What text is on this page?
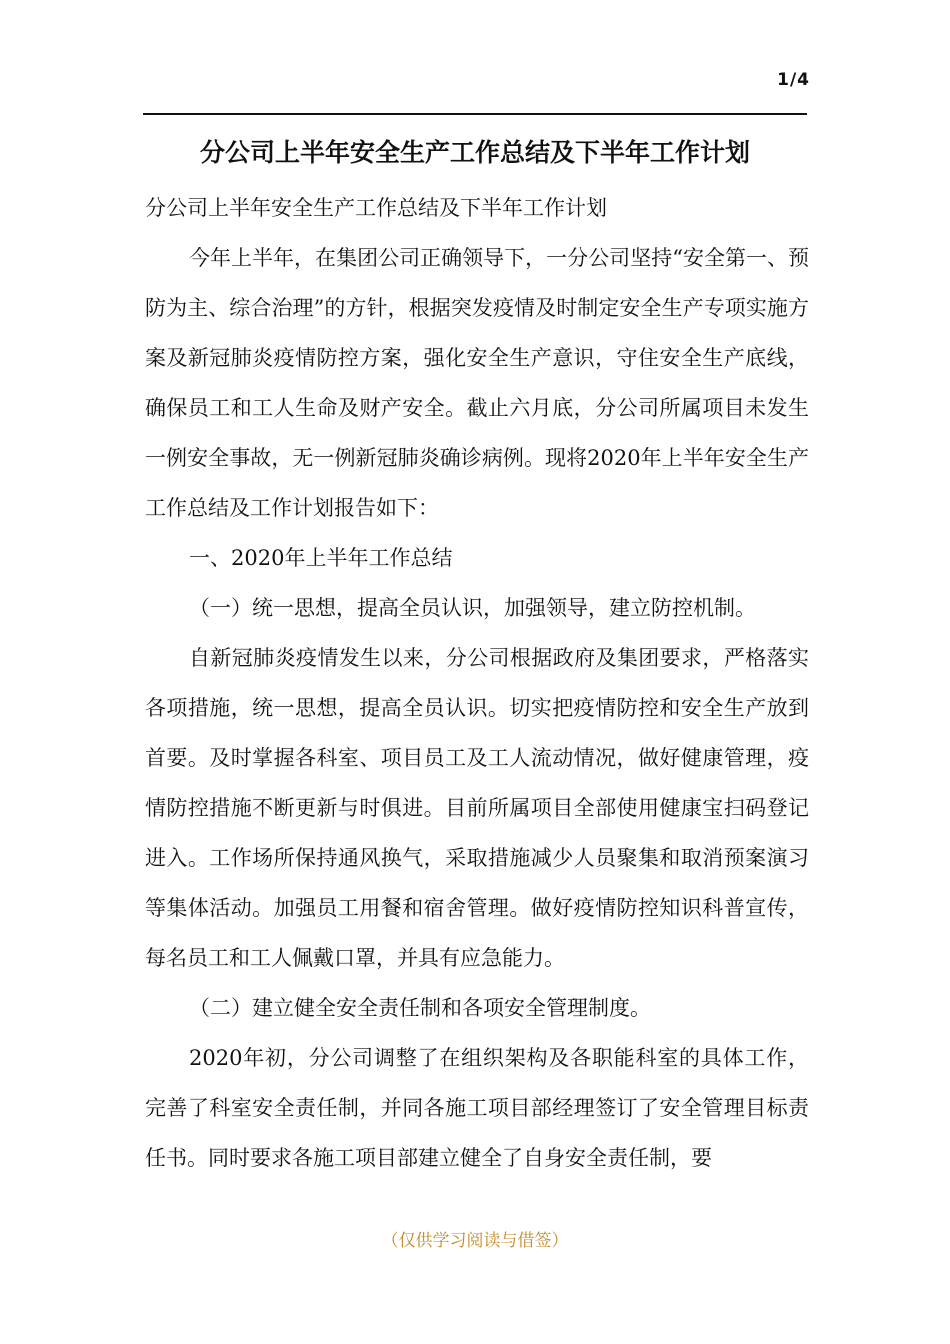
1/4
分公司上半年安全生产工作总结及下半年工作计划

分公司上半年安全生产工作总结及下半年工作计划

今年上半年，在集团公司正确领导下，一分公司坚持“安全第一、预防为主、综合治理”的方针，根据突发疫情及时制定安全生产专项实施方案及新冠肺炎疫情防控方案，强化安全生产意识，守住安全生产底线，确保员工和工人生命及财产安全。截止六月底，分公司所属项目未发生一例安全事故，无一例新冠肺炎确诊病例。现将2020年上半年安全生产工作总结及工作计划报告如下：

一、2020年上半年工作总结

（一）统一思想，提高全员认识，加强领导，建立防控机制。

自新冠肺炎疫情发生以来，分公司根据政府及集团要求，严格落实各项措施，统一思想，提高全员认识。切实把疫情防控和安全生产放到首要。及时掌握各科室、项目员工及工人流动情况，做好健康管理，疫情防控措施不断更新与时俱进。目前所属项目全部使用健康宝扫码登记进入。工作场所保持通风换气，采取措施减少人员聚集和取消预案演习等集体活动。加强员工用餐和宿舍管理。做好疫情防控知识科普宣传，每名员工和工人佩戴口罩，并具有应急能力。

（二）建立健全安全责任制和各项安全管理制度。

2020年初，分公司调整了在组织架构及各职能科室的具体工作，完善了科室安全责任制，并同各施工项目部经理签订了安全管理目标责任书。同时要求各施工项目部建立健全了自身安全责任制，要

（仅供学习阅读与借签）
